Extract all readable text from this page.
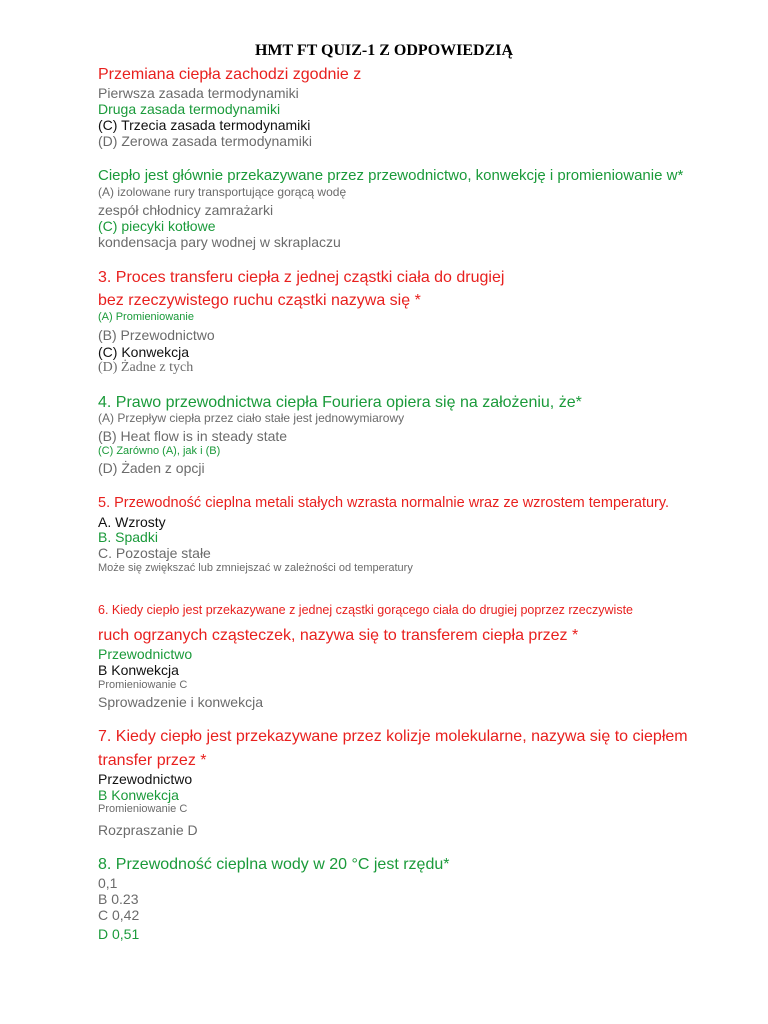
HMT FT QUIZ-1 Z ODPOWIEDZIĄ
Przemiana ciepła zachodzi zgodnie z
Pierwsza zasada termodynamiki
Druga zasada termodynamiki
(C) Trzecia zasada termodynamiki
(D) Zerowa zasada termodynamiki
Ciepło jest głównie przekazywane przez przewodnictwo, konwekcję i promieniowanie w*
(A) izolowane rury transportujące gorącą wodę
zespół chłodnicy zamrażarki
(C) piecyki kotłowe
kondensacja pary wodnej w skraplaczu
3. Proces transferu ciepła z jednej cząstki ciała do drugiej
bez rzeczywistego ruchu cząstki nazywa się *
(A) Promieniowanie
(B) Przewodnictwo
(C) Konwekcja
(D) Żadne z tych
4. Prawo przewodnictwa ciepła Fouriera opiera się na założeniu, że*
(A) Przepływ ciepła przez ciało stałe jest jednowymiarowy
(B) Heat flow is in steady state
(C) Zarówno (A), jak i (B)
(D) Żaden z opcji
5. Przewodność cieplna metali stałych wzrasta normalnie wraz ze wzrostem temperatury.
A. Wzrosty
B. Spadki
C. Pozostaje stałe
Może się zwiększać lub zmniejszać w zależności od temperatury
6. Kiedy ciepło jest przekazywane z jednej cząstki gorącego ciała do drugiej poprzez rzeczywiste
ruch ogrzanych cząsteczek, nazywa się to transferem ciepła przez *
Przewodnictwo
B Konwekcja
Promieniowanie C
Sprowadzenie i konwekcja
7. Kiedy ciepło jest przekazywane przez kolizje molekularne, nazywa się to ciepłem
transfer przez *
Przewodnictwo
B Konwekcja
Promieniowanie C
Rozpraszanie D
8. Przewodność cieplna wody w 20 °C jest rzędu*
0,1
B 0.23
C 0,42
D 0,51
